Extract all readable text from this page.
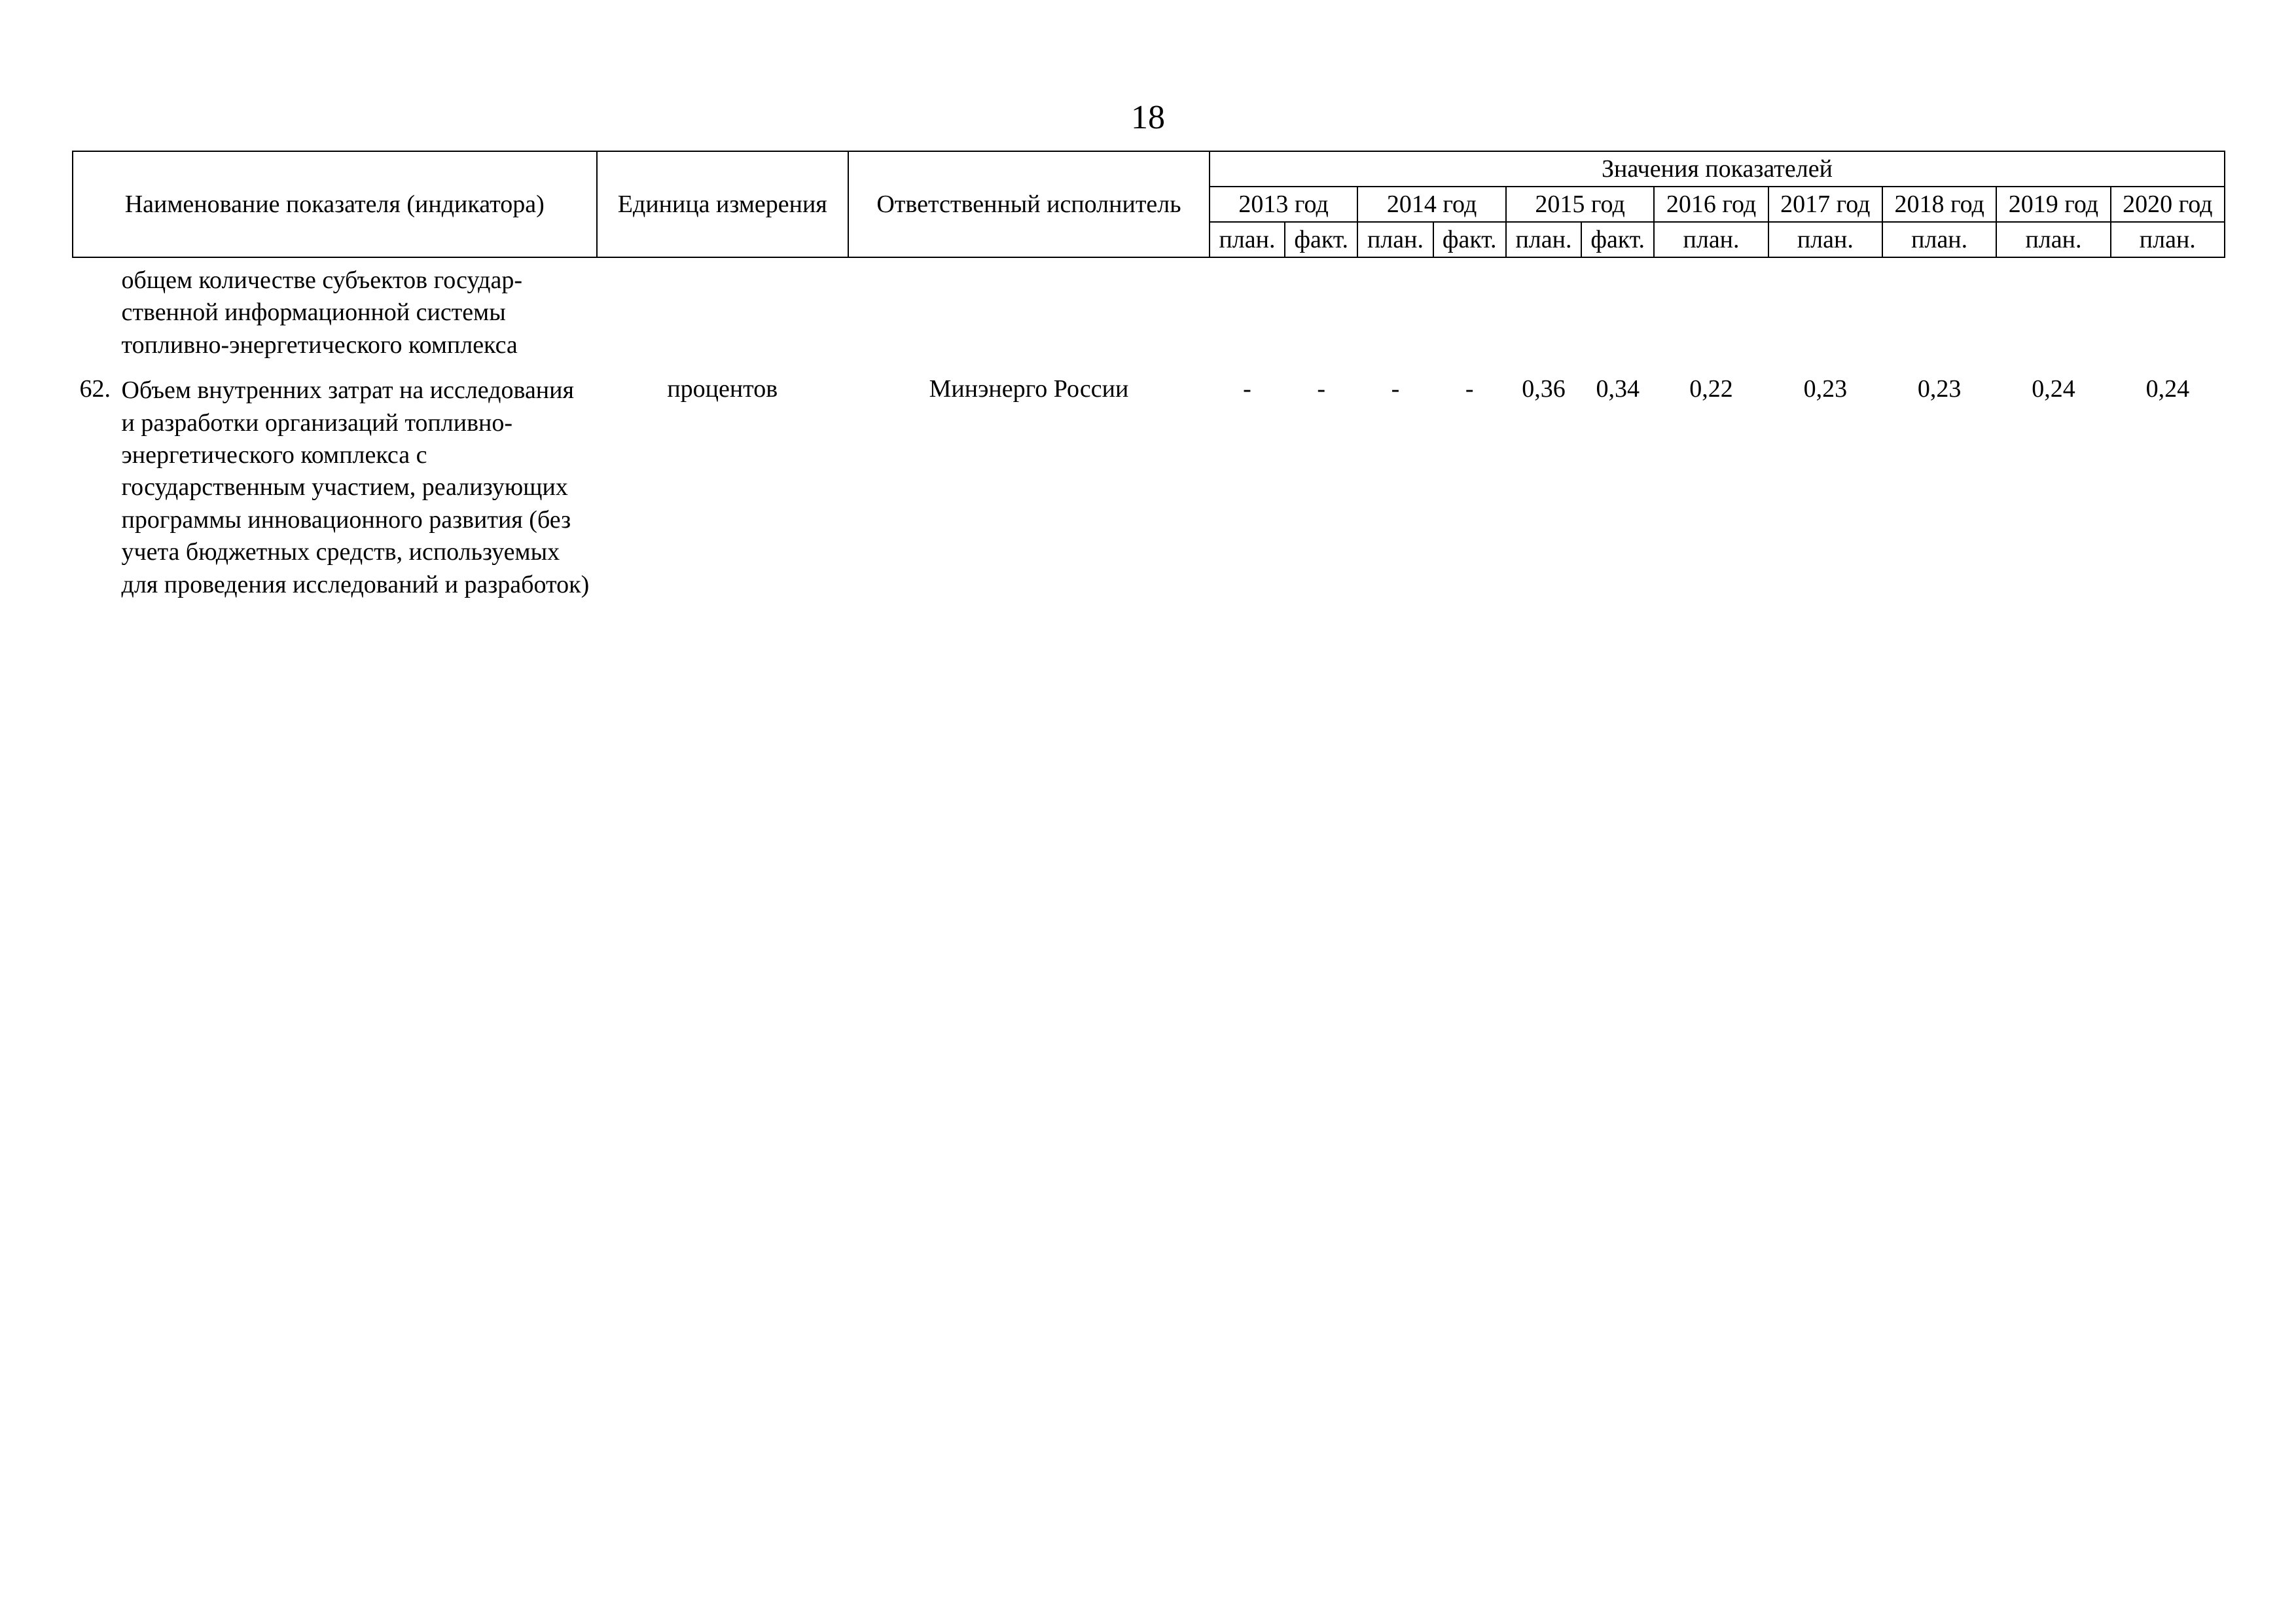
18
Наименование показателя (индикатора)		Единица измерения	Ответственный исполнитель	Значения показателей										
				2013 год		2014 год		2015 год		2016 год	2017 год	2018 год	2019 год	2020 год
				план.	факт.	план.	факт.	план.	факт.	план.	план.	план.	план.	план.
	общем количестве субъектов государ-ственной информационной системы топливно-энергетического комплекса													
62.	Объем внутренних затрат на исследования и разработки организаций топливно-энергетического комплекса с государственным участием, реализующих программы инновационного развития (без учета бюджетных средств, используемых для проведения исследований и разработок)	процентов	Минэнерго России	-	-	-	-	0,36	0,34	0,22	0,23	0,23	0,24	0,24
